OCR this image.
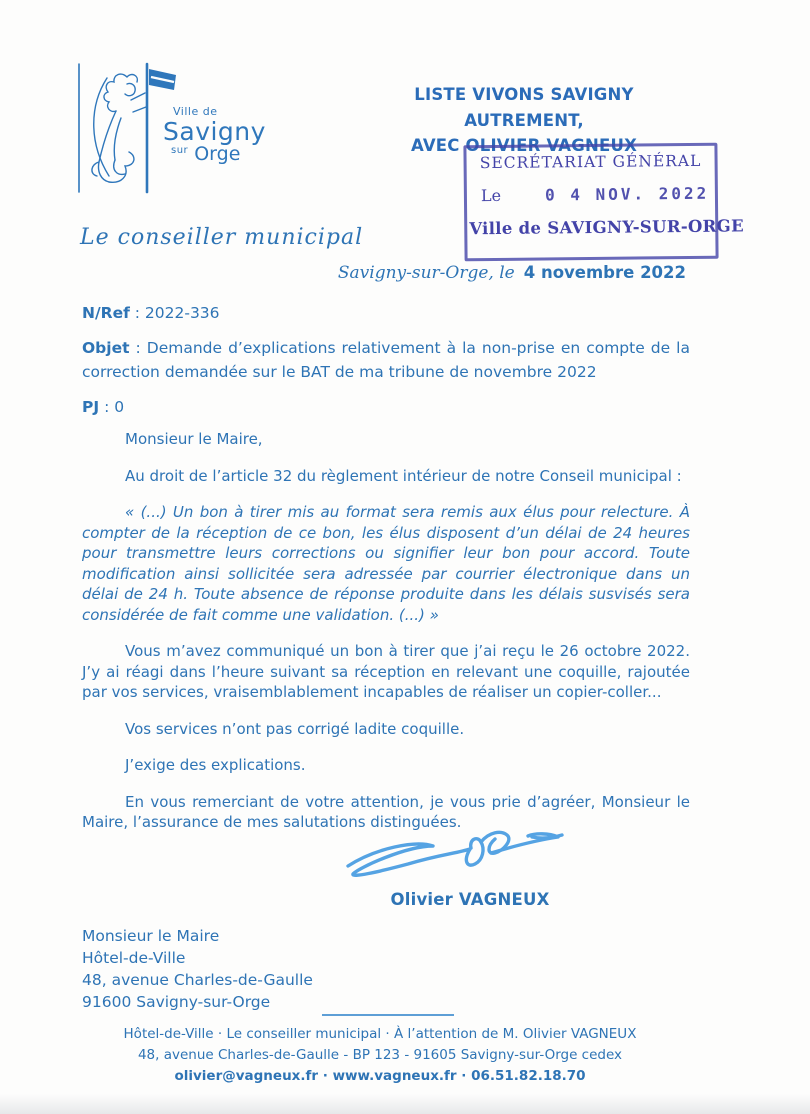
Ville de
Savigny
$^{sur}$ Orge
LISTE VIVONS SAVIGNY AUTREMENT,
AVEC OLIVIER VAGNEUX
SECRÉTARIAT GÉNÉRAL
Le	0 4 NOV. 2022
Ville de SAVIGNY-SUR-ORGE
Le conseiller municipal
Savigny-sur-Orge, le 4 novembre 2022

N/Ref : 2022-336

Objet : Demande d’explications relativement à la non-prise en compte de la correction demandée sur le BAT de ma tribune de novembre 2022

PJ : 0

Monsieur le Maire,

Au droit de l’article 32 du règlement intérieur de notre Conseil municipal :

« (...) Un bon à tirer mis au format sera remis aux élus pour relecture. À compter de la réception de ce bon, les élus disposent d’un délai de 24 heures pour transmettre leurs corrections ou signifier leur bon pour accord. Toute modification ainsi sollicitée sera adressée par courrier électronique dans un délai de 24 h. Toute absence de réponse produite dans les délais susvisés sera considérée de fait comme une validation. (...) »

Vous m’avez communiqué un bon à tirer que j’ai reçu le 26 octobre 2022. J’y ai réagi dans l’heure suivant sa réception en relevant une coquille, rajoutée par vos services, vraisemblablement incapables de réaliser un copier-coller...

Vos services n’ont pas corrigé ladite coquille.

J’exige des explications.

En vous remerciant de votre attention, je vous prie d’agréer, Monsieur le Maire, l’assurance de mes salutations distinguées.

Olivier VAGNEUX
Monsieur le Maire
Hôtel-de-Ville
48, avenue Charles-de-Gaulle
91600 Savigny-sur-Orge
Hôtel-de-Ville · Le conseiller municipal · À l’attention de M. Olivier VAGNEUX
48, avenue Charles-de-Gaulle - BP 123 - 91605 Savigny-sur-Orge cedex
olivier@vagneux.fr · www.vagneux.fr · 06.51.82.18.70
